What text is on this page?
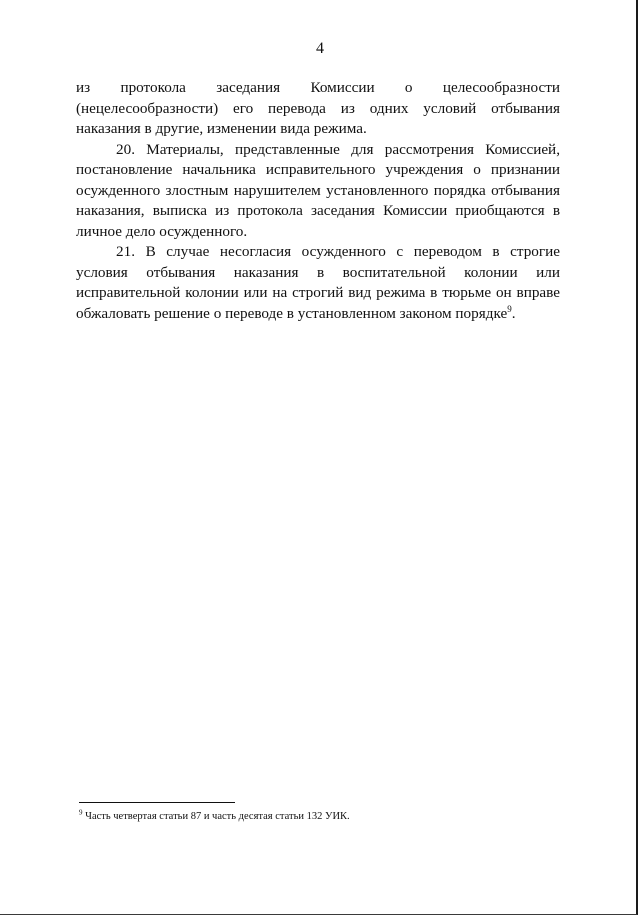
4

из протокола заседания Комиссии о целесообразности (нецелесообразности) его перевода из одних условий отбывания наказания в другие, изменении вида режима.

20. Материалы, представленные для рассмотрения Комиссией, постановление начальника исправительного учреждения о признании осужденного злостным нарушителем установленного порядка отбывания наказания, выписка из протокола заседания Комиссии приобщаются в личное дело осужденного.

21. В случае несогласия осужденного с переводом в строгие условия отбывания наказания в воспитательной колонии или исправительной колонии или на строгий вид режима в тюрьме он вправе обжаловать решение о переводе в установленном законом порядке$^9$.

$^9$ Часть четвертая статьи 87 и часть десятая статьи 132 УИК.
